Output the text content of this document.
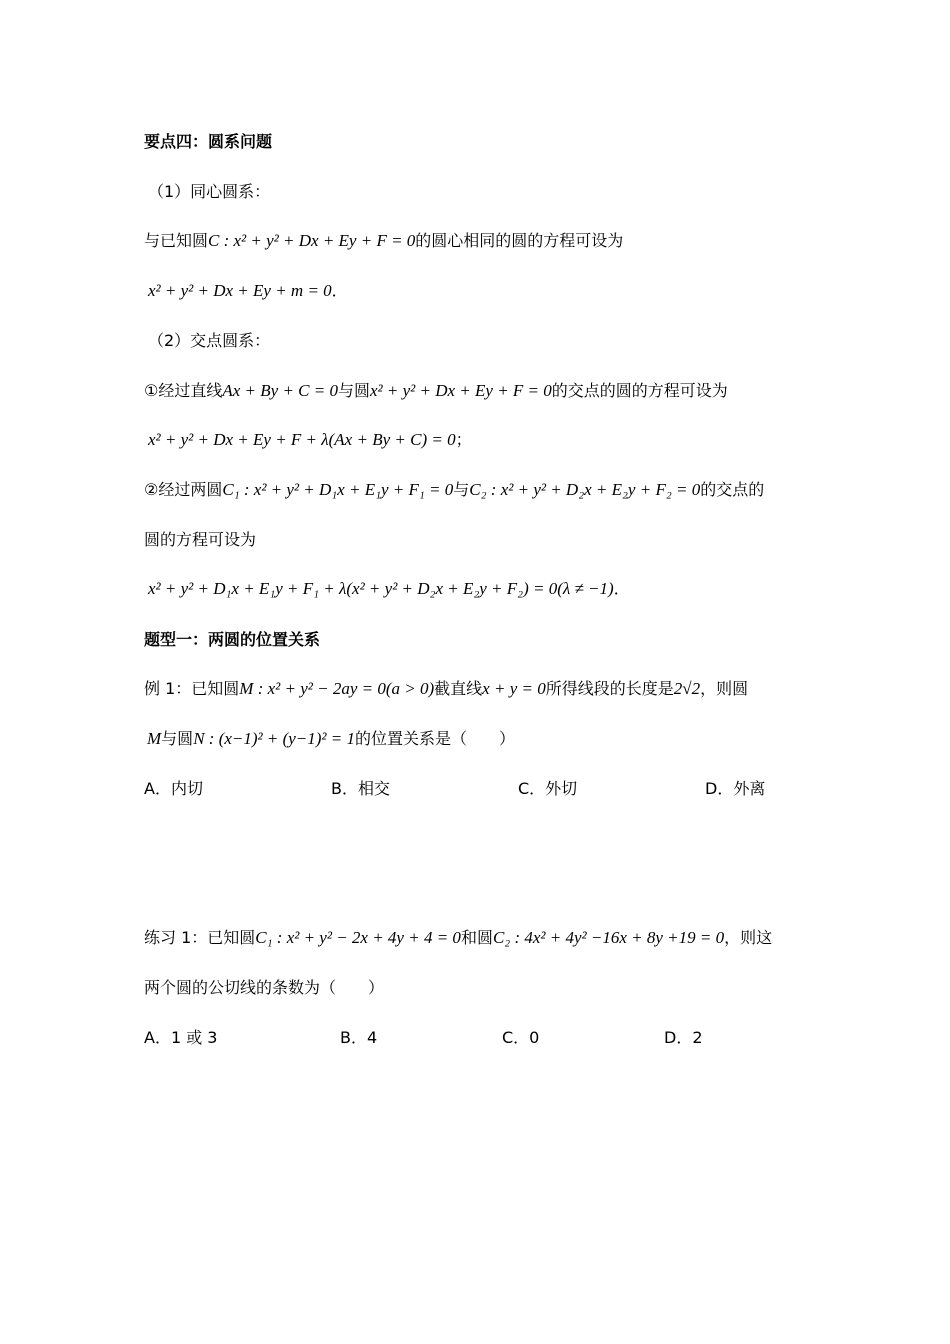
要点四：圆系问题
（1）同心圆系：
与已知圆C : x² + y² + Dx + Ey + F = 0的圆心相同的圆的方程可设为
x² + y² + Dx + Ey + m = 0．
（2）交点圆系：
①经过直线Ax + By + C = 0与圆x² + y² + Dx + Ey + F = 0的交点的圆的方程可设为
x² + y² + Dx + Ey + F + λ(Ax + By + C) = 0；
②经过两圆C₁ : x² + y² + D₁x + E₁y + F₁ = 0与C₂ : x² + y² + D₂x + E₂y + F₂ = 0的交点的
圆的方程可设为
x² + y² + D₁x + E₁y + F₁ + λ(x² + y² + D₂x + E₂y + F₂) = 0(λ ≠ −1)．
题型一：两圆的位置关系
例 1：已知圆M : x² + y² − 2ay = 0(a > 0)截直线x + y = 0所得线段的长度是2√2，则圆
M与圆N : (x−1)² + (y−1)² = 1的位置关系是（　　）
A．内切	B．相交	C．外切	D．外离
练习 1：已知圆C₁ : x² + y² − 2x + 4y + 4 = 0和圆C₂ : 4x² + 4y² −16x + 8y +19 = 0，则这
两个圆的公切线的条数为（　　）
A．1 或 3	B．4	C．0	D．2
